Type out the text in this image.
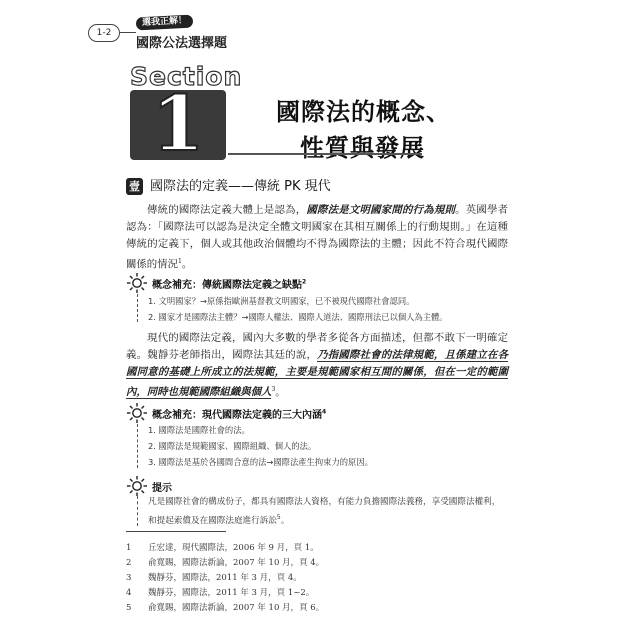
1-2
選我正解！
國際公法選擇題
Section
1	國際法的概念、
性質與發展
壹 國際法的定義——傳統 PK 現代
傳統的國際法定義大體上是認為，國際法是文明國家間的行為規則。英國學者認為：「國際法可以認為是決定全體文明國家在其相互關係上的行動規則。」在這種傳統的定義下，個人或其他政治個體均不得為國際法的主體；因此不符合現代國際關係的情況$^1$。
概念補充：傳統國際法定義之缺點$^2$
1. 文明國家？→原係指歐洲基督教文明國家，已不被現代國際社會認同。
2. 國家才是國際法主體？→國際人權法、國際人道法、國際刑法已以個人為主體。
現代的國際法定義，國內大多數的學者多從各方面描述，但都不敢下一明確定義。魏靜芬老師指出，國際法其廷的說，乃指國際社會的法律規範，且係建立在各國同意的基礎上所成立的法規範，主要是規範國家相互間的關係，但在一定的範圍內，同時也規範國際組織與個人$^3$。
概念補充：現代國際法定義的三大內涵$^4$
1. 國際法是國際社會的法。
2. 國際法是規範國家、國際組織、個人的法。
3. 國際法是基於各國間合意的法→國際法產生拘束力的原因。
提示
凡是國際社會的構成份子，都具有國際法人資格，有能力負擔國際法義務，享受國際法權利，和提起索償及在國際法庭進行訴訟$^5$。
1 丘宏達，現代國際法，2006 年 9 月，頁 1。
2 俞寬賜，國際法新論，2007 年 10 月，頁 4。
3 魏靜芬，國際法，2011 年 3 月，頁 4。
4 魏靜芬，國際法，2011 年 3 月，頁 1~2。
5 俞寬賜，國際法新論，2007 年 10 月，頁 6。
